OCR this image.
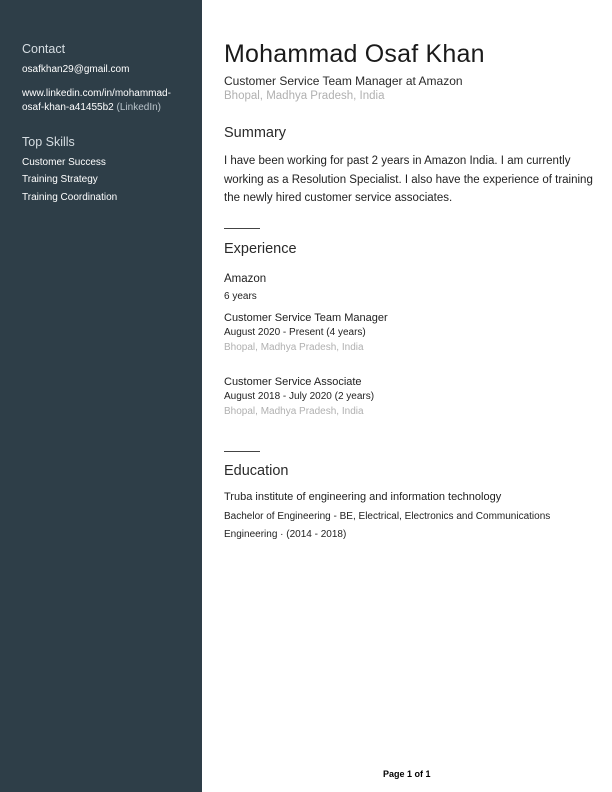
Contact
osafkhan29@gmail.com
www.linkedin.com/in/mohammad-
osaf-khan-a41455b2 (LinkedIn)
Top Skills
Customer Success
Training Strategy
Training Coordination
Mohammad Osaf Khan
Customer Service Team Manager at Amazon
Bhopal, Madhya Pradesh, India
Summary
I have been working for past 2 years in Amazon India. I am currently working as a Resolution Specialist. I also have the experience of training the newly hired customer service associates.
Experience
Amazon
6 years
Customer Service Team Manager
August 2020 - Present (4 years)
Bhopal, Madhya Pradesh, India
Customer Service Associate
August 2018 - July 2020 (2 years)
Bhopal, Madhya Pradesh, India
Education
Truba institute of engineering and information technology
Bachelor of Engineering - BE, Electrical, Electronics and Communications Engineering · (2014 - 2018)
Page 1 of 1
